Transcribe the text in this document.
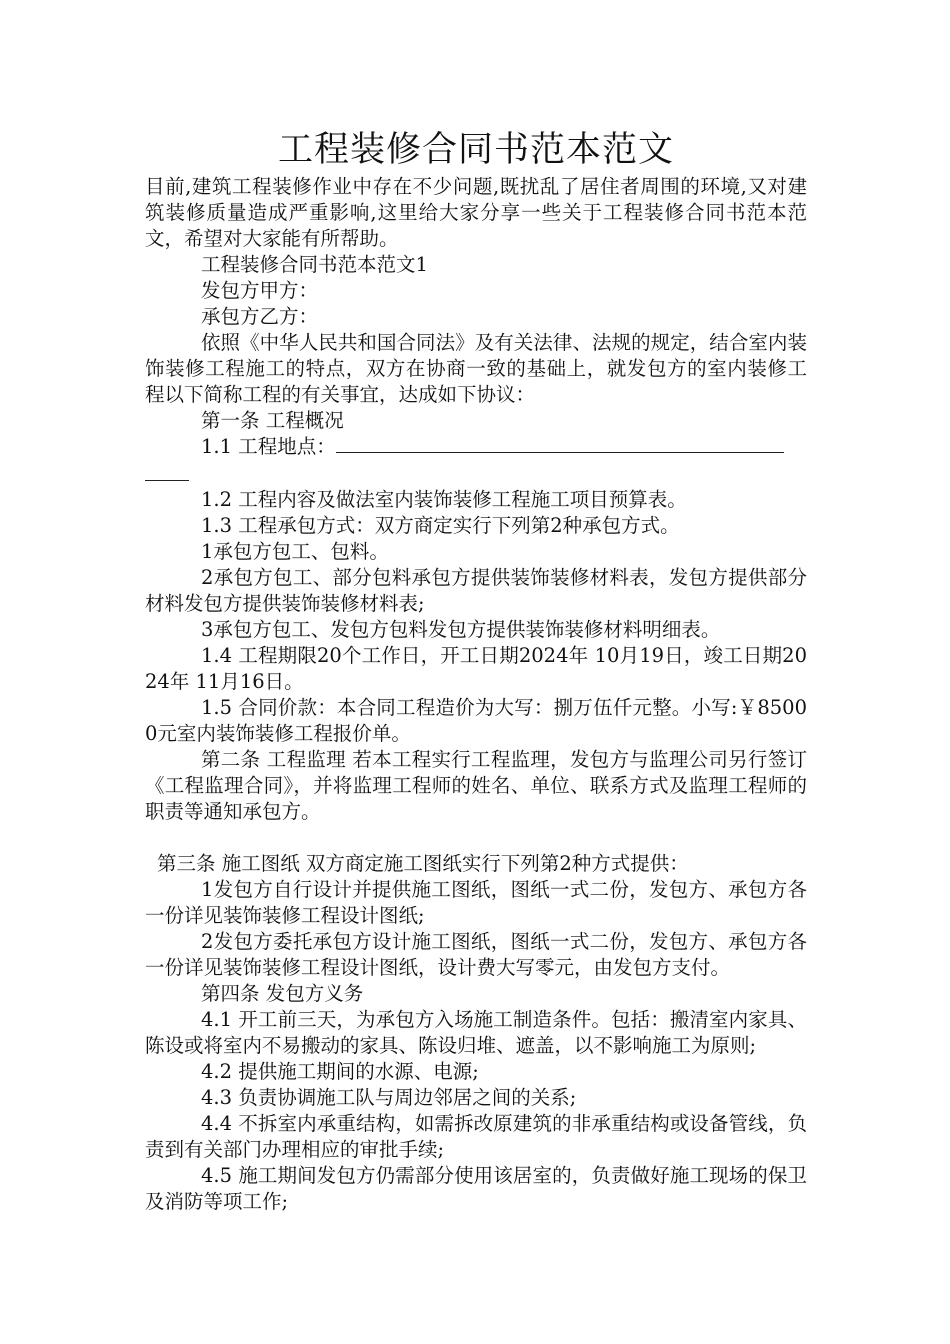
工程装修合同书范本范文

目前,建筑工程装修作业中存在不少问题,既扰乱了居住者周围的环境,又对建筑装修质量造成严重影响,这里给大家分享一些关于工程装修合同书范本范文，希望对大家能有所帮助。

工程装修合同书范本范文1

发包方甲方：

承包方乙方：

依照《中华人民共和国合同法》及有关法律、法规的规定，结合室内装饰装修工程施工的特点，双方在协商一致的基础上，就发包方的室内装修工程以下简称工程的有关事宜，达成如下协议：

第一条 工程概况

1.1 工程地点：

1.2 工程内容及做法室内装饰装修工程施工项目预算表。

1.3 工程承包方式：双方商定实行下列第2种承包方式。

1承包方包工、包料。

2承包方包工、部分包料承包方提供装饰装修材料表，发包方提供部分材料发包方提供装饰装修材料表;

3承包方包工、发包方包料发包方提供装饰装修材料明细表。

1.4 工程期限20个工作日，开工日期2024年 10月19日，竣工日期2024年 11月16日。

1.5 合同价款：本合同工程造价为大写：捌万伍仟元整。小写:￥85000元室内装饰装修工程报价单。

第二条 工程监理 若本工程实行工程监理，发包方与监理公司另行签订《工程监理合同》，并将监理工程师的姓名、单位、联系方式及监理工程师的职责等通知承包方。

第三条 施工图纸 双方商定施工图纸实行下列第2种方式提供：

1发包方自行设计并提供施工图纸，图纸一式二份，发包方、承包方各一份详见装饰装修工程设计图纸;

2发包方委托承包方设计施工图纸，图纸一式二份，发包方、承包方各一份详见装饰装修工程设计图纸，设计费大写零元，由发包方支付。

第四条 发包方义务

4.1 开工前三天，为承包方入场施工制造条件。包括：搬清室内家具、陈设或将室内不易搬动的家具、陈设归堆、遮盖，以不影响施工为原则;

4.2 提供施工期间的水源、电源;

4.3 负责协调施工队与周边邻居之间的关系;

4.4 不拆室内承重结构，如需拆改原建筑的非承重结构或设备管线，负责到有关部门办理相应的审批手续;

4.5 施工期间发包方仍需部分使用该居室的，负责做好施工现场的保卫及消防等项工作;
